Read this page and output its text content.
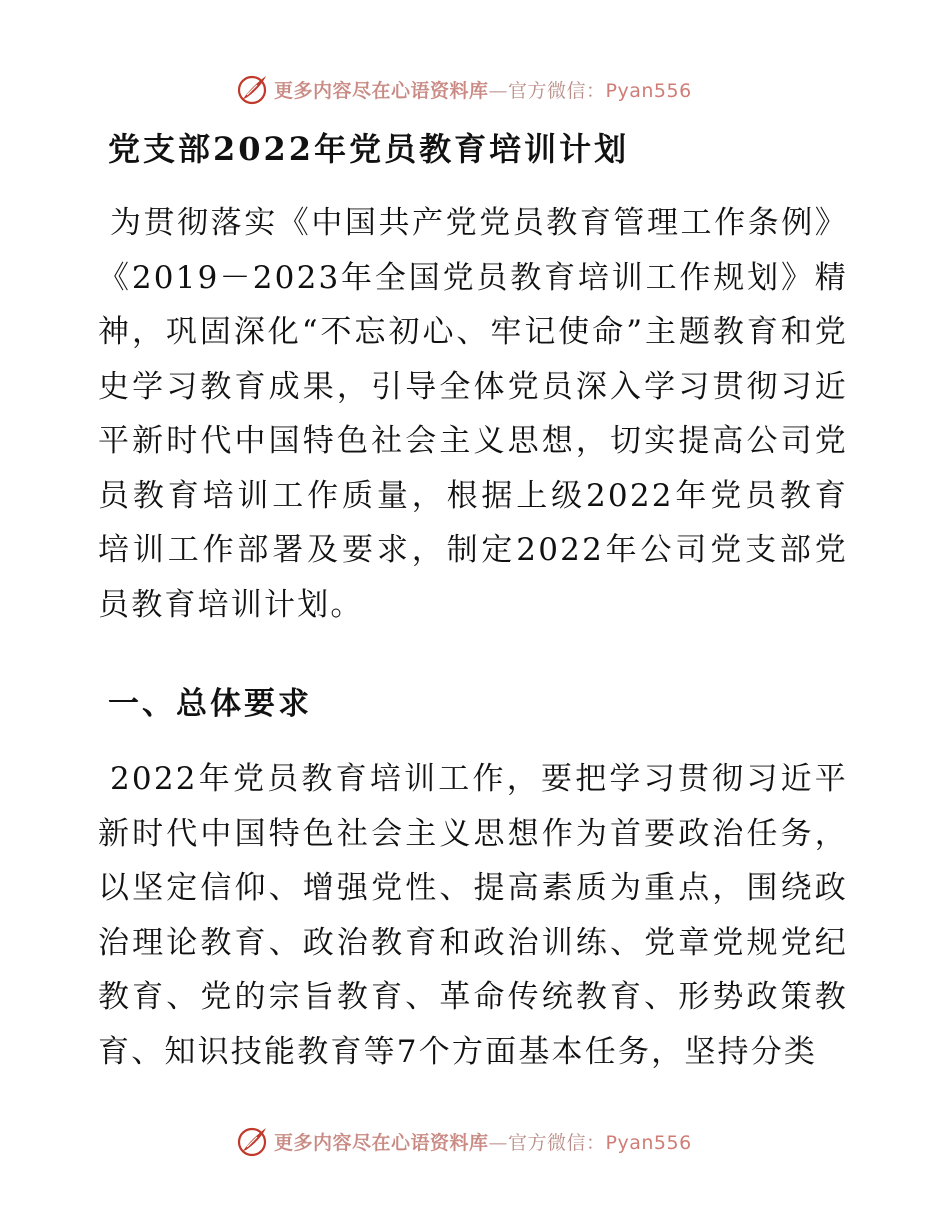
更多内容尽在心语资料库—官方微信：Pyan556
党支部2022年党员教育培训计划

为贯彻落实《中国共产党党员教育管理工作条例》《2019－2023年全国党员教育培训工作规划》精神，巩固深化“不忘初心、牢记使命”主题教育和党史学习教育成果，引导全体党员深入学习贯彻习近平新时代中国特色社会主义思想，切实提高公司党员教育培训工作质量，根据上级2022年党员教育培训工作部署及要求，制定2022年公司党支部党员教育培训计划。

一、总体要求

2022年党员教育培训工作，要把学习贯彻习近平新时代中国特色社会主义思想作为首要政治任务，以坚定信仰、增强党性、提高素质为重点，围绕政治理论教育、政治教育和政治训练、党章党规党纪教育、党的宗旨教育、革命传统教育、形势政策教育、知识技能教育等7个方面基本任务，坚持分类

更多内容尽在心语资料库—官方微信：Pyan556
